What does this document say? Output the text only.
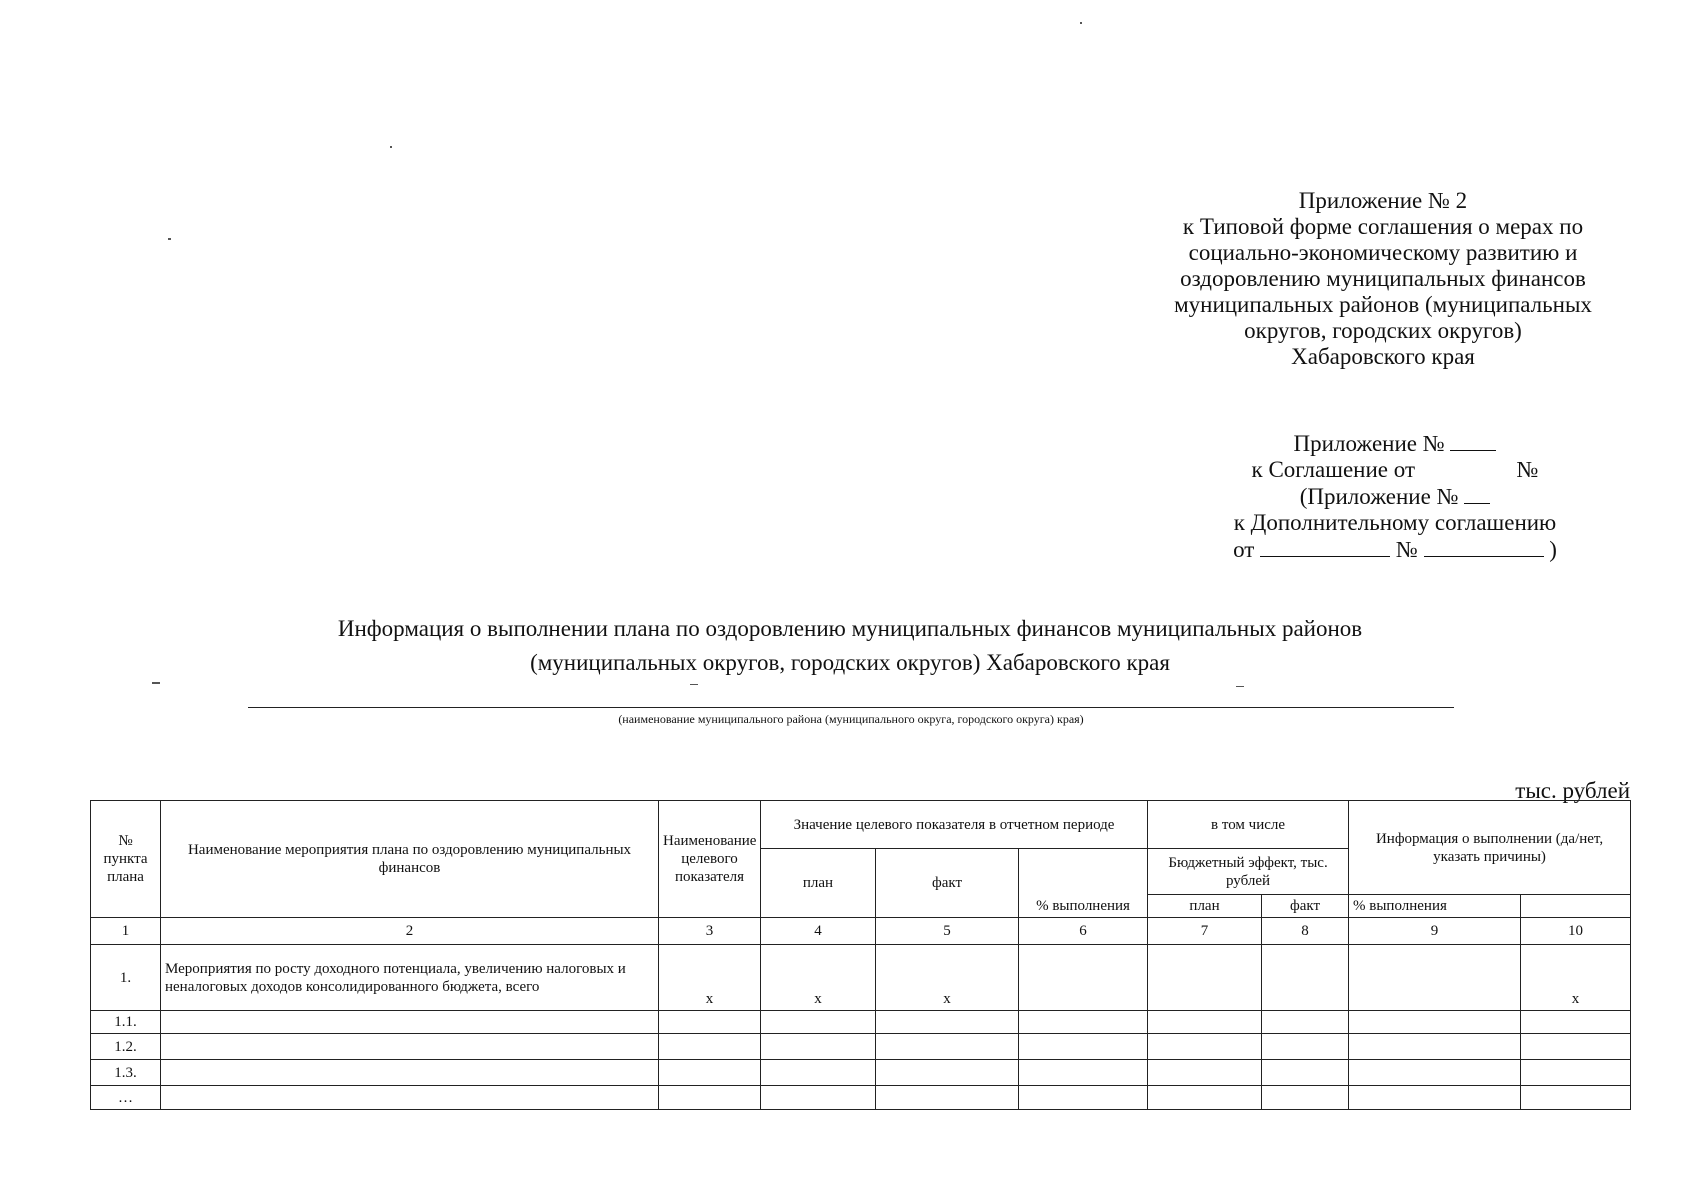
Приложение № 2
к Типовой форме соглашения о мерах по
социально-экономическому развитию и
оздоровлению муниципальных финансов
муниципальных районов (муниципальных
округов, городских округов)
Хабаровского края
Приложение №
к Соглашение от	№
(Приложение №
к Дополнительному соглашению
от	№	)
Информация о выполнении плана по оздоровлению муниципальных финансов муниципальных районов
(муниципальных округов, городских округов) Хабаровского края
(наименование муниципального района (муниципального округа, городского округа) края)
тыс. рублей
№ пункта плана	Наименование мероприятия плана по оздоровлению муниципальных финансов	Наименование целевого показателя	Значение целевого показателя в отчетном периоде			в том числе		Информация о выполнении (да/нет, указать причины)	
			план	факт	% выполнения	Бюджетный эффект, тыс. рублей			
						план	факт	% выполнения	
1	2	3	4	5	6	7	8	9	10
1.	Мероприятия по росту доходного потенциала, увеличению налоговых и неналоговых доходов консолидированного бюджета, всего	x	x	x					x
1.1.									
1.2.									
1.3.									
…									
